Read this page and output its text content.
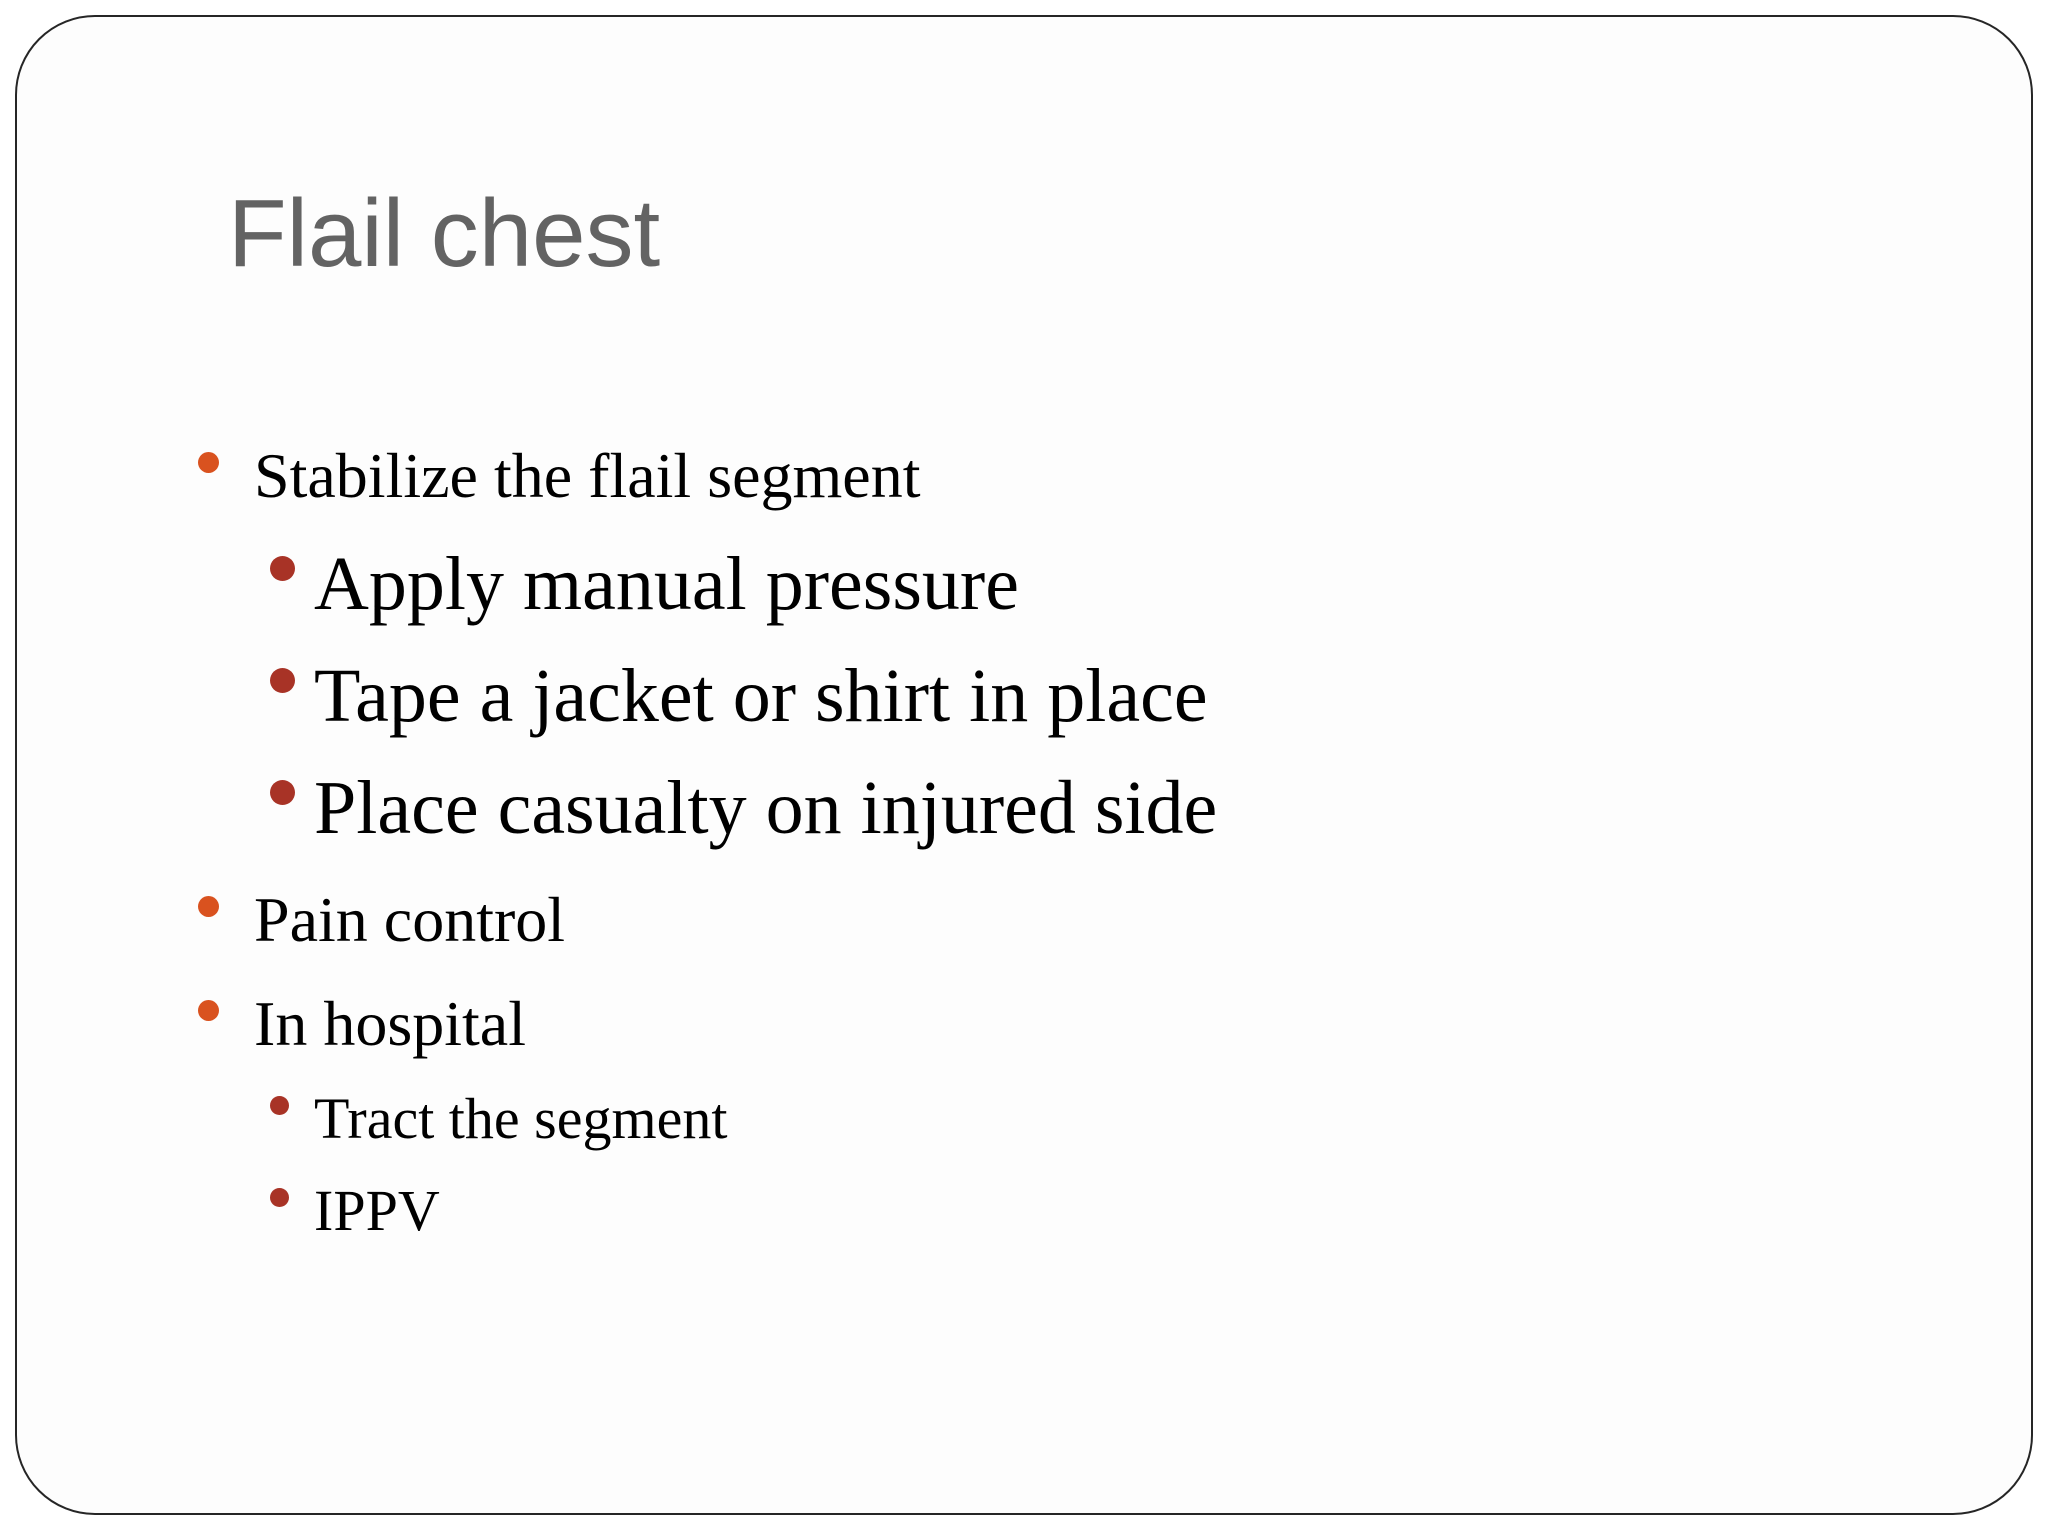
Flail chest
Stabilize the flail segment
Apply manual pressure
Tape a jacket or shirt in place
Place casualty on injured side
Pain control
In hospital
Tract the segment
IPPV
